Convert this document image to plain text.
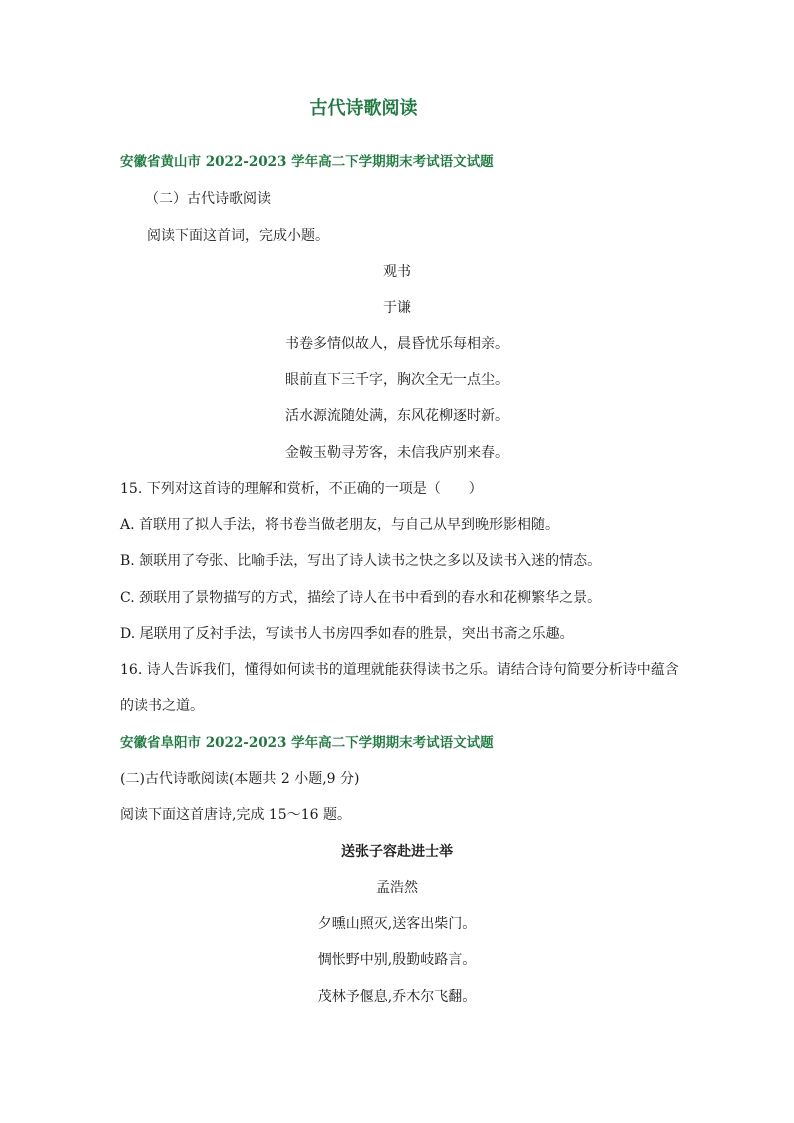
古代诗歌阅读
安徽省黄山市 2022-2023 学年高二下学期期末考试语文试题
（二）古代诗歌阅读
阅读下面这首词，完成小题。
观书
于谦
书卷多情似故人，晨昏忧乐每相亲。
眼前直下三千字，胸次全无一点尘。
活水源流随处满，东风花柳逐时新。
金鞍玉勒寻芳客，未信我庐别来春。
15. 下列对这首诗的理解和赏析，不正确的一项是（　　）
A. 首联用了拟人手法，将书卷当做老朋友，与自己从早到晚形影相随。
B. 颔联用了夸张、比喻手法，写出了诗人读书之快之多以及读书入迷的情态。
C. 颈联用了景物描写的方式，描绘了诗人在书中看到的春水和花柳繁华之景。
D. 尾联用了反衬手法，写读书人书房四季如春的胜景，突出书斋之乐趣。
16. 诗人告诉我们，懂得如何读书的道理就能获得读书之乐。请结合诗句简要分析诗中蕴含
的读书之道。
安徽省阜阳市 2022-2023 学年高二下学期期末考试语文试题
(二)古代诗歌阅读(本题共 2 小题,9 分)
阅读下面这首唐诗,完成 15～16 题。
送张子容赴进士举
孟浩然
夕曛山照灭,送客出柴门。
惆怅野中别,殷勤岐路言。
茂林予偃息,乔木尔飞翻。
